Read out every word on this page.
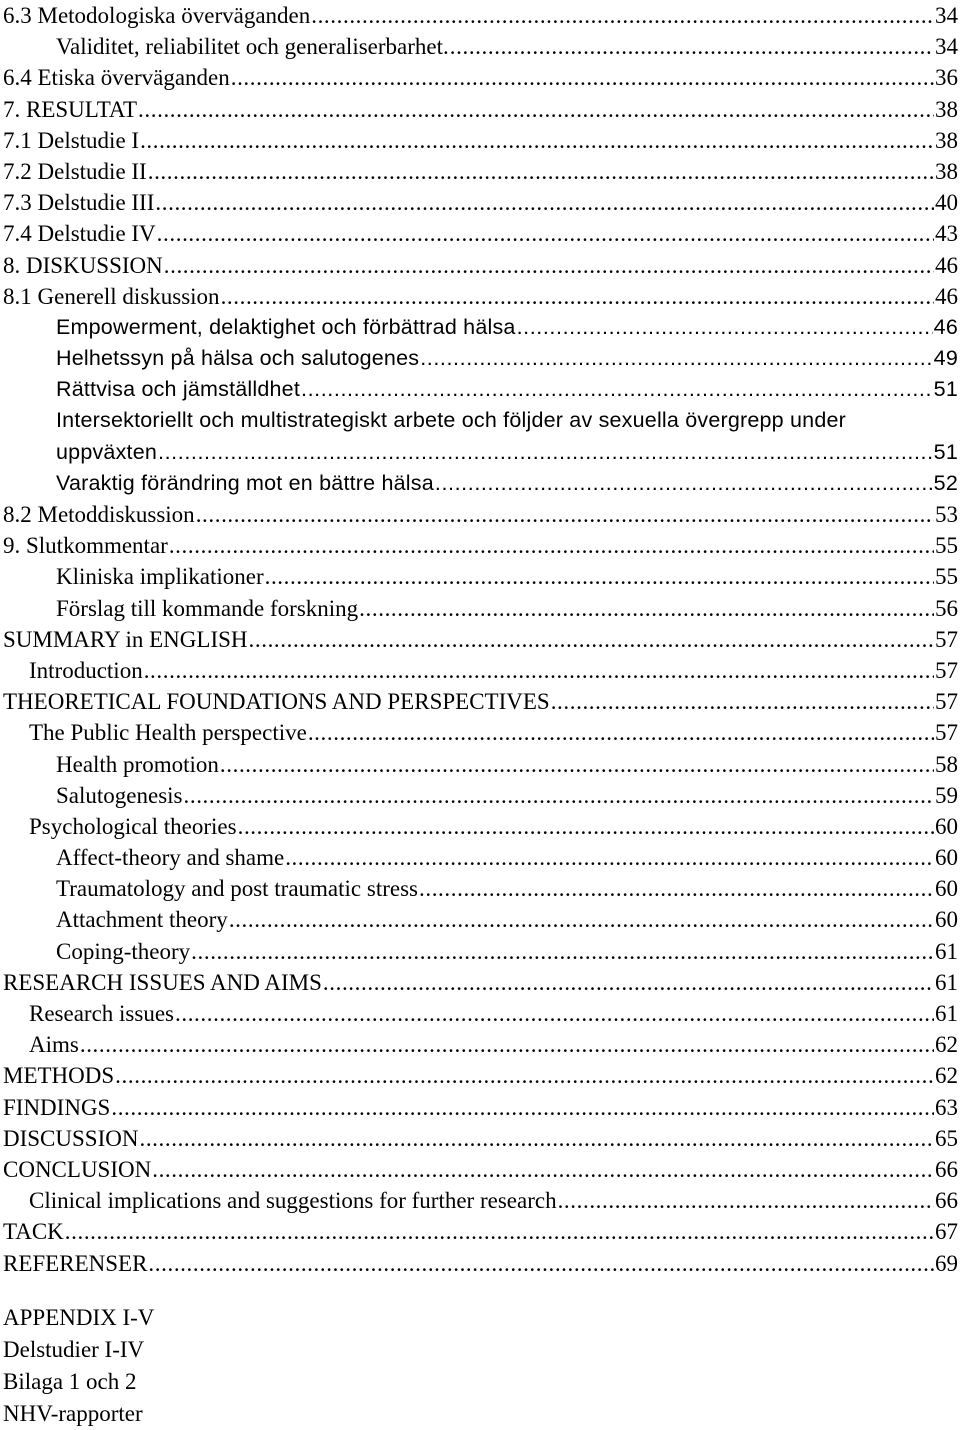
6.3 Metodologiska överväganden .....	34
Validitet, reliabilitet och generaliserbarhet. .....	34
6.4 Etiska överväganden .....	36
7. RESULTAT .....	38
7.1 Delstudie I .....	38
7.2 Delstudie II .....	38
7.3 Delstudie III .....	40
7.4 Delstudie IV .....	43
8. DISKUSSION .....	46
8.1 Generell diskussion .....	46
Empowerment, delaktighet och förbättrad hälsa .....	46
Helhetssyn på hälsa och salutogenes .....	49
Rättvisa och jämställdhet .....	51
Intersektoriellt och multistrategiskt arbete och följder av sexuella övergrepp under
uppväxten .....	51
Varaktig förändring mot en bättre hälsa .....	52
8.2 Metoddiskussion .....	53
9. Slutkommentar .....	55
Kliniska implikationer .....	55
Förslag till kommande forskning .....	56
SUMMARY in ENGLISH .....	57
Introduction .....	57
THEORETICAL FOUNDATIONS AND PERSPECTIVES .....	57
The Public Health perspective .....	57
Health promotion .....	58
Salutogenesis .....	59
Psychological theories .....	60
Affect-theory and shame .....	60
Traumatology and post traumatic stress .....	60
Attachment theory .....	60
Coping-theory .....	61
RESEARCH ISSUES AND AIMS .....	61
Research issues .....	61
Aims .....	62
METHODS .....	62
FINDINGS .....	63
DISCUSSION .....	65
CONCLUSION .....	66
Clinical implications and suggestions for further research .....	66
TACK .....	67
REFERENSER .....	69
APPENDIX I-V
Delstudier I-IV
Bilaga 1 och 2
NHV-rapporter
